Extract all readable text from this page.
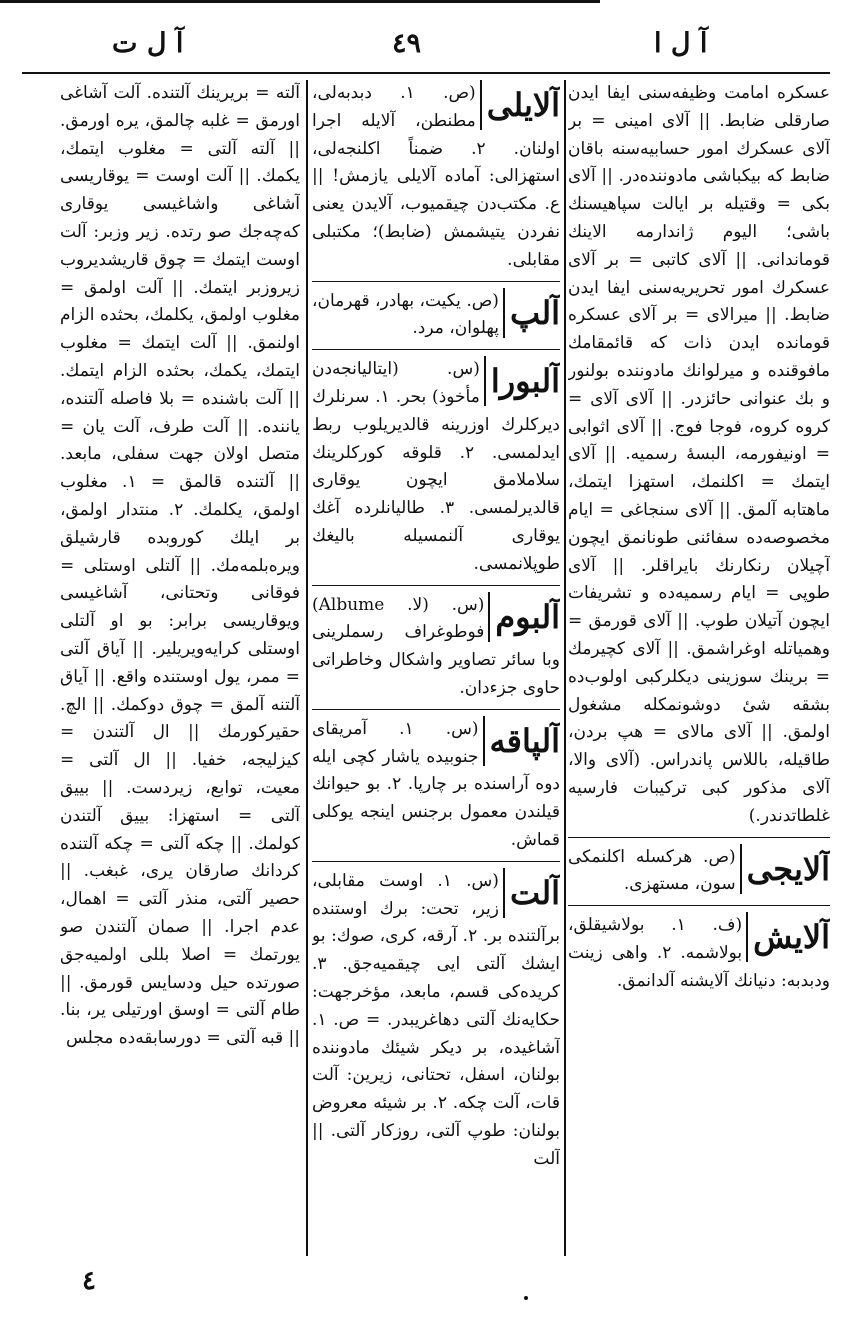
آ ل ت	٤٩	آ ل ا

عسکره امامت وظیفه‌سنی ایفا ایدن صارقلی ضابط. || آلای امینی = بر آلای عسکرك امور حسابیه‌سنه باقان ضابط که بیکباشی مادوننده‌در. || آلای بکی = وقتیله بر ایالت سپاهیسنك باشی؛ الیوم ژاندارمه الاینك قوماندانی. || آلای کاتبی = بر آلای عسکرك امور تحریریه‌سنی ایفا ایدن ضابط. || میرالای = بر آلای عسکره قوماندە ایدن ذات که قائمقامك مافوقنده و میرلوانك مادوننده بولنور و بك عنوانی حائزدر. || آلای آلای = کروه کروه، فوجا فوج. || آلای اثوابی = اونیفورمه، البسهٔ رسمیه. || آلای ایتمك = اکلنمك، استهزا ایتمك، ماهتابه آلمق. || آلای سنجاغی = ایام مخصوصه‌ده سفائنی طونانمق ایچون آچیلان رنکارنك بایراقلر. || آلای طوپی = ایام رسمیه‌ده و تشریفات ایچون آتیلان طوپ. || آلای قورمق = وهمیاتله اوغراشمق. || آلای کچیرمك = برینك سوزینی دیکلرکبی اولوب‌ده بشقه شیٔ دوشونمکله مشغول اولمق. || آلای مالای = هپ بردن، طاقیله، باللاس پاندراس. (آلای والا، آلای مذکور کبی ترکیبات فارسیه غلطاتدندر.)

آلایجی

(ص. هرکسله اکلنمکی سون، مستهزی.

آلایش

(ف. ۱. بولاشیقلق، بولاشمه. ۲. واهی زینت ودبدبه: دنیانك آلایشنه آلدانمق.

آلایلی

(ص. ۱. دبدبه‌لی، مطنطن، آلایله اجرا اولنان. ۲. ضمناً اکلنجه‌لی، استهزالی: آماده آلایلی یازمش! || ع. مکتب‌دن چیقمیوب، آلایدن یعنی نفردن یتیشمش (ضابط)؛ مکتبلی مقابلی.

آلپ

(ص. یکیت، بهادر، قهرمان، پهلوان، مرد.

آلبورا

(س. (ایتالیانجه‌دن مأخوذ) بحر. ۱. سرنلرك دیرکلرك اوزرینه قالدیریلوب ربط ایدلمسی. ۲. قلوقه کورکلرینك سلاملامق ایچون یوقاری قالدیرلمسی. ۳. طالیانلرده آغك یوقاری آلنمسیله بالیغك طوپلانمسی.

آلبوم

(س. (لا. Albume) فوطوغراف رسملرینی وبا سائر تصاویر واشکال وخاطراتی حاوی جزءدان.

آلپاقه

(س. ۱. آمریقای جنوبیده یاشار کچی ایله دوه آراسنده بر چارپا. ۲. بو حیوانك قیلندن معمول برجنس اینجه یوکلی قماش.

آلت

(س. ۱. اوست مقابلی، زیر، تحت: برك اوستنده برآلتنده بر. ۲. آرقه، کری، صوك: بو ایشك آلتی ایی چیقمیه‌جق. ۳. کریده‌کی قسم، مابعد، مؤخرجهت: حکایه‌نك آلتی دهاغریبدر. = ص. ۱. آشاغیده، بر دیکر شیئك مادوننده بولنان، اسفل، تحتانی، زیرین: آلت قات، آلت چکه. ۲. بر شیئه معروض بولنان: طوپ آلتی، روزکار آلتی. || آلت

آلته = بریرینك آلتنده. آلت آشاغی اورمق = غلبه چالمق، یره اورمق. || آلته آلتی = مغلوب ایتمك، یکمك. || آلت اوست = یوقاریسی آشاغی واشاغیسی یوقاری که‌چه‌جك صو رتده. زیر وزبر: آلت اوست ایتمك = چوق قاریشدیروب زیروزبر ایتمك. || آلت اولمق = مغلوب اولمق، یکلمك، بحثده الزام اولنمق. || آلت ایتمك = مغلوب ایتمك، یکمك، بحثده الزام ایتمك. || آلت باشنده = بلا فاصله آلتنده، یاننده. || آلت طرف، آلت یان = متصل اولان جهت سفلی، مابعد. || آلتنده قالمق = ۱. مغلوب اولمق، یکلمك. ۲. منتدار اولمق، بر ایلك کوروبده قارشیلق ویره‌بلمه‌مك. || آلتلی اوستلی = فوقانی وتحتانی، آشاغیسی ویوقاریسی برابر: بو او آلتلی اوستلی کرایه‌ویریلیر. || آیاق آلتی = ممر، یول اوستنده واقع. || آیاق آلتنه آلمق = چوق دوکمك. || الچ. حقیرکورمك || ال آلتندن = کیزلیجه، خفیا. || ال آلتی = معیت، توابع، زیردست. || بییق آلتی = استهزا: بییق آلتندن کولمك. || چکه آلتی = چکه آلتنده کردانك صارقان یری، غبغب. || حصیر آلتی، منذر آلتی = اهمال، عدم اجرا. || صمان آلتندن صو یورتمك = اصلا بللی اولمیه‌جق صورتده حیل ودسایس قورمق. || طام آلتی = اوسق اورتیلی یر، بنا. || قبه آلتی = دورسابقه‌ده مجلس

٤
